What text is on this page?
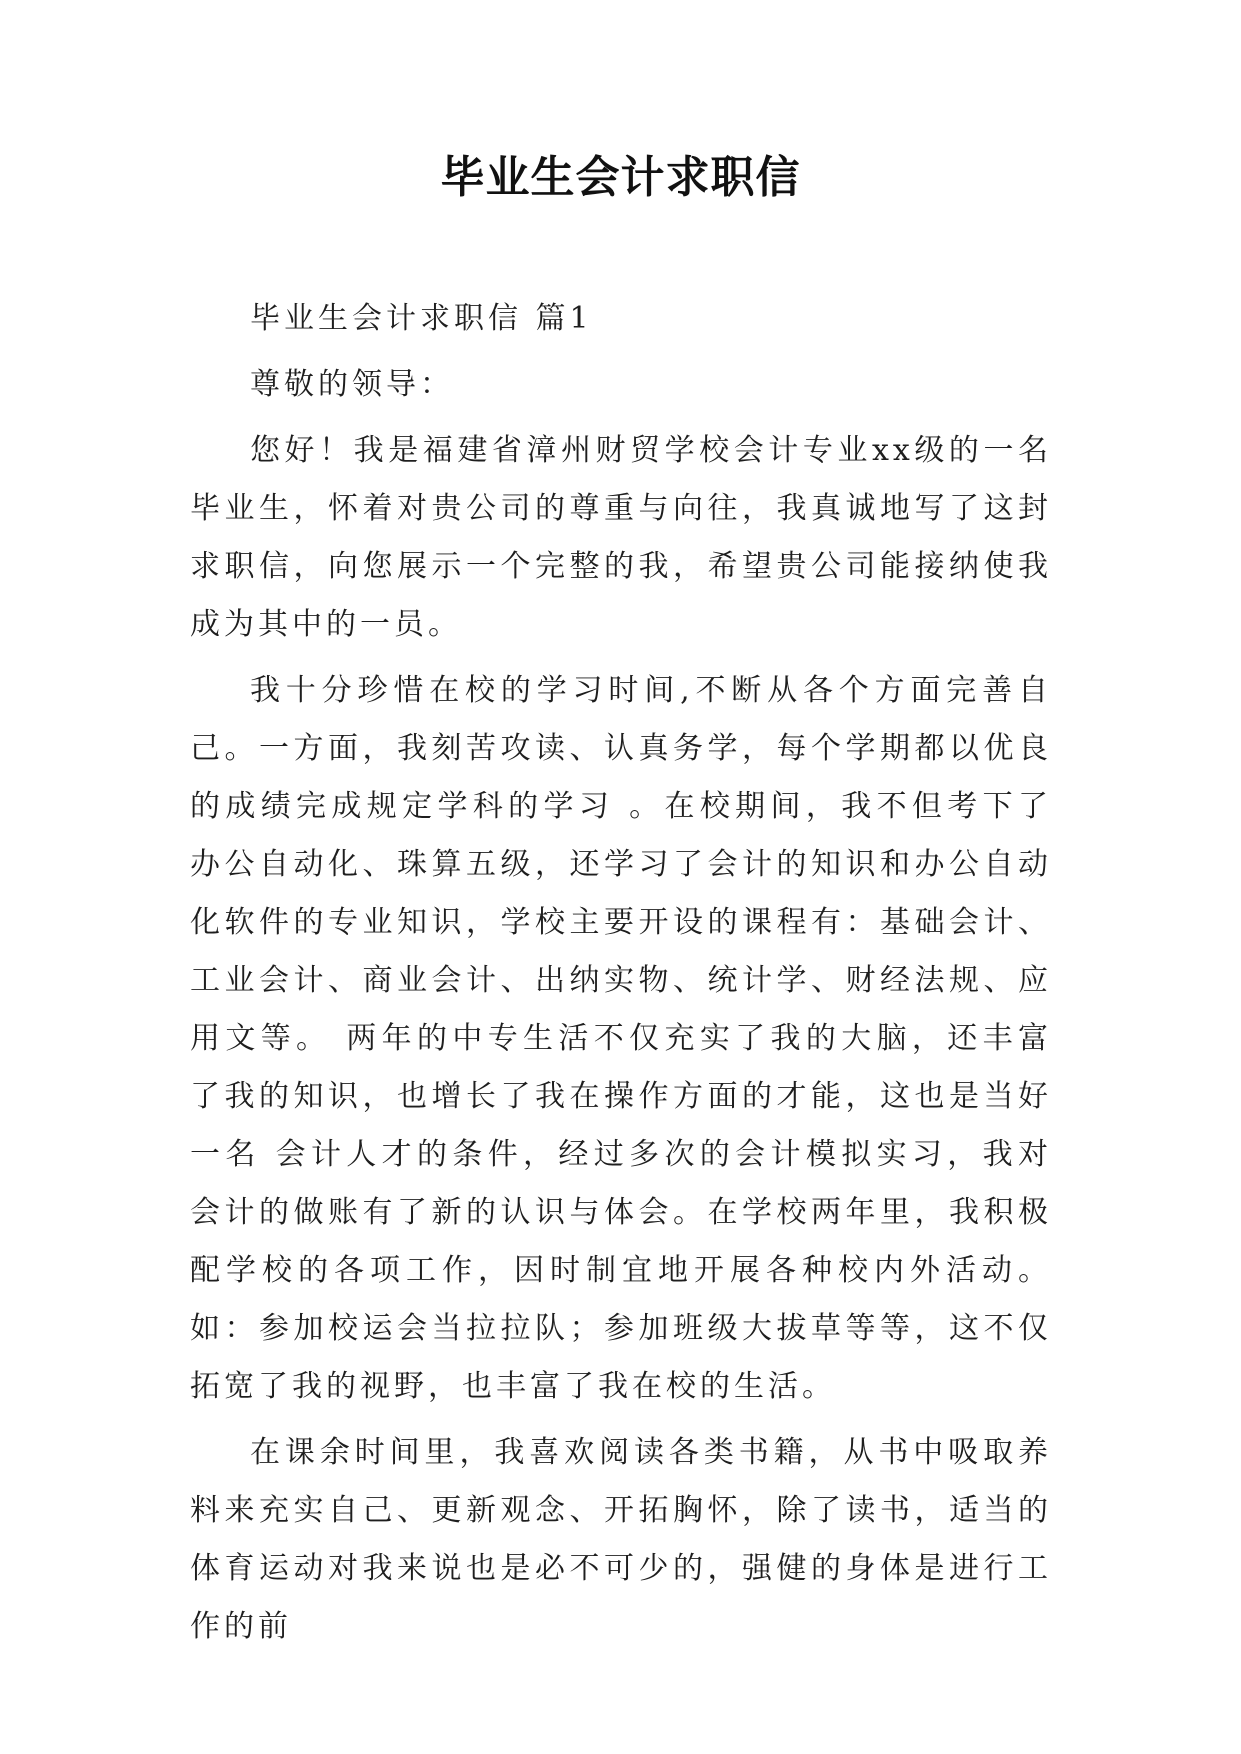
毕业生会计求职信

毕业生会计求职信 篇1

尊敬的领导：

您好！我是福建省漳州财贸学校会计专业xx级的一名毕业生，怀着对贵公司的尊重与向往，我真诚地写了这封求职信，向您展示一个完整的我，希望贵公司能接纳使我成为其中的一员。

我十分珍惜在校的学习时间,不断从各个方面完善自己。一方面，我刻苦攻读、认真务学，每个学期都以优良的成绩完成规定学科的学习 。在校期间，我不但考下了办公自动化、珠算五级，还学习了会计的知识和办公自动化软件的专业知识，学校主要开设的课程有：基础会计、工业会计、商业会计、出纳实物、统计学、财经法规、应用文等。 两年的中专生活不仅充实了我的大脑，还丰富了我的知识，也增长了我在操作方面的才能，这也是当好一名 会计人才的条件，经过多次的会计模拟实习，我对会计的做账有了新的认识与体会。在学校两年里，我积极配学校的各项工作，因时制宜地开展各种校内外活动。如：参加校运会当拉拉队；参加班级大拔草等等，这不仅拓宽了我的视野，也丰富了我在校的生活。

在课余时间里，我喜欢阅读各类书籍，从书中吸取养料来充实自己、更新观念、开拓胸怀，除了读书，适当的体育运动对我来说也是必不可少的，强健的身体是进行工作的前
